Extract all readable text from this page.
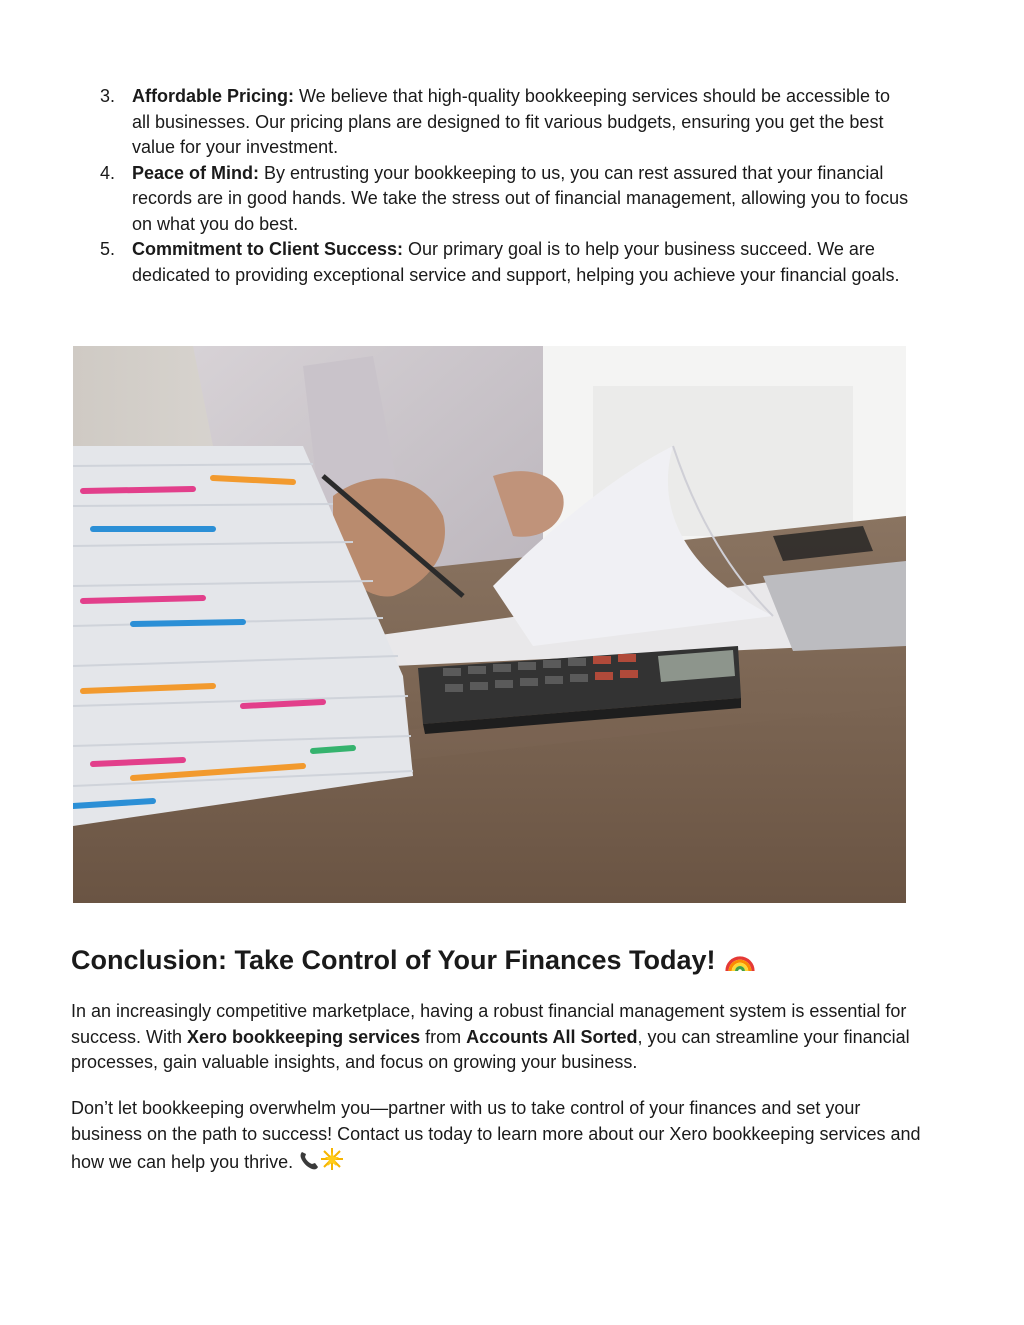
3. Affordable Pricing: We believe that high-quality bookkeeping services should be accessible to all businesses. Our pricing plans are designed to fit various budgets, ensuring you get the best value for your investment.
4. Peace of Mind: By entrusting your bookkeeping to us, you can rest assured that your financial records are in good hands. We take the stress out of financial management, allowing you to focus on what you do best.
5. Commitment to Client Success: Our primary goal is to help your business succeed. We are dedicated to providing exceptional service and support, helping you achieve your financial goals.
Conclusion: Take Control of Your Finances Today!

In an increasingly competitive marketplace, having a robust financial management system is essential for success. With Xero bookkeeping services from Accounts All Sorted, you can streamline your financial processes, gain valuable insights, and focus on growing your business.

Don’t let bookkeeping overwhelm you—partner with us to take control of your finances and set your business on the path to success! Contact us today to learn more about our Xero bookkeeping services and how we can help you thrive.
